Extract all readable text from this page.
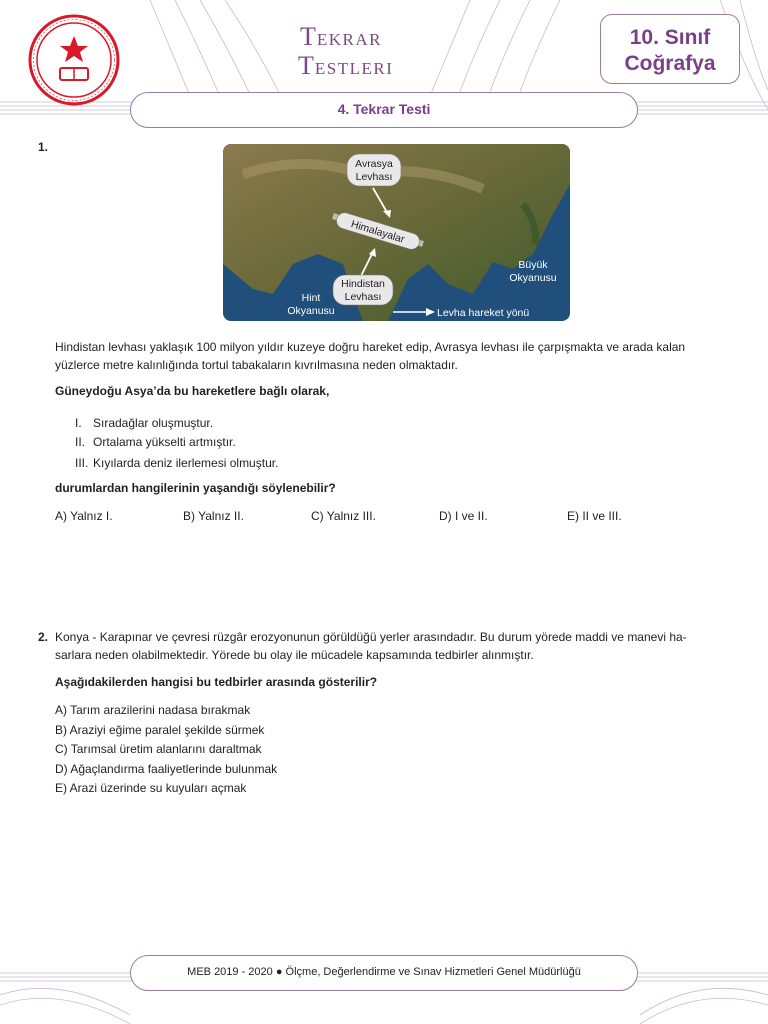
TEKRAR
TESTLERI
10. Sınıf
Coğrafya
4. Tekrar Testi
1.
Avrasya
Levhası
Himalayalar
Hindistan
Levhası
Hint
Okyanusu
Büyük
Okyanusu
Levha hareket yönü
Hindistan levhası yaklaşık 100 milyon yıldır kuzeye doğru hareket edip, Avrasya levhası ile çarpışmakta ve arada kalan
yüzlerce metre kalınlığında tortul tabakaların kıvrılmasına neden olmaktadır.
Güneydoğu Asya’da bu hareketlere bağlı olarak,
I. Sıradağlar oluşmuştur.
II. Ortalama yükselti artmıştır.
III. Kıyılarda deniz ilerlemesi olmuştur.
durumlardan hangilerinin yaşandığı söylenebilir?
A) Yalnız I.	B) Yalnız II.	C) Yalnız III.	D) I ve II.	E) II ve III.
2. Konya - Karapınar ve çevresi rüzgâr erozyonunun görüldüğü yerler arasındadır. Bu durum yörede maddi ve manevi ha-
sarlara neden olabilmektedir. Yörede bu olay ile mücadele kapsamında tedbirler alınmıştır.
Aşağıdakilerden hangisi bu tedbirler arasında gösterilir?
A) Tarım arazilerini nadasa bırakmak
B) Araziyi eğime paralel şekilde sürmek
C) Tarımsal üretim alanlarını daraltmak
D) Ağaçlandırma faaliyetlerinde bulunmak
E) Arazi üzerinde su kuyuları açmak
MEB 2019 - 2020 ● Ölçme, Değerlendirme ve Sınav Hizmetleri Genel Müdürlüğü
